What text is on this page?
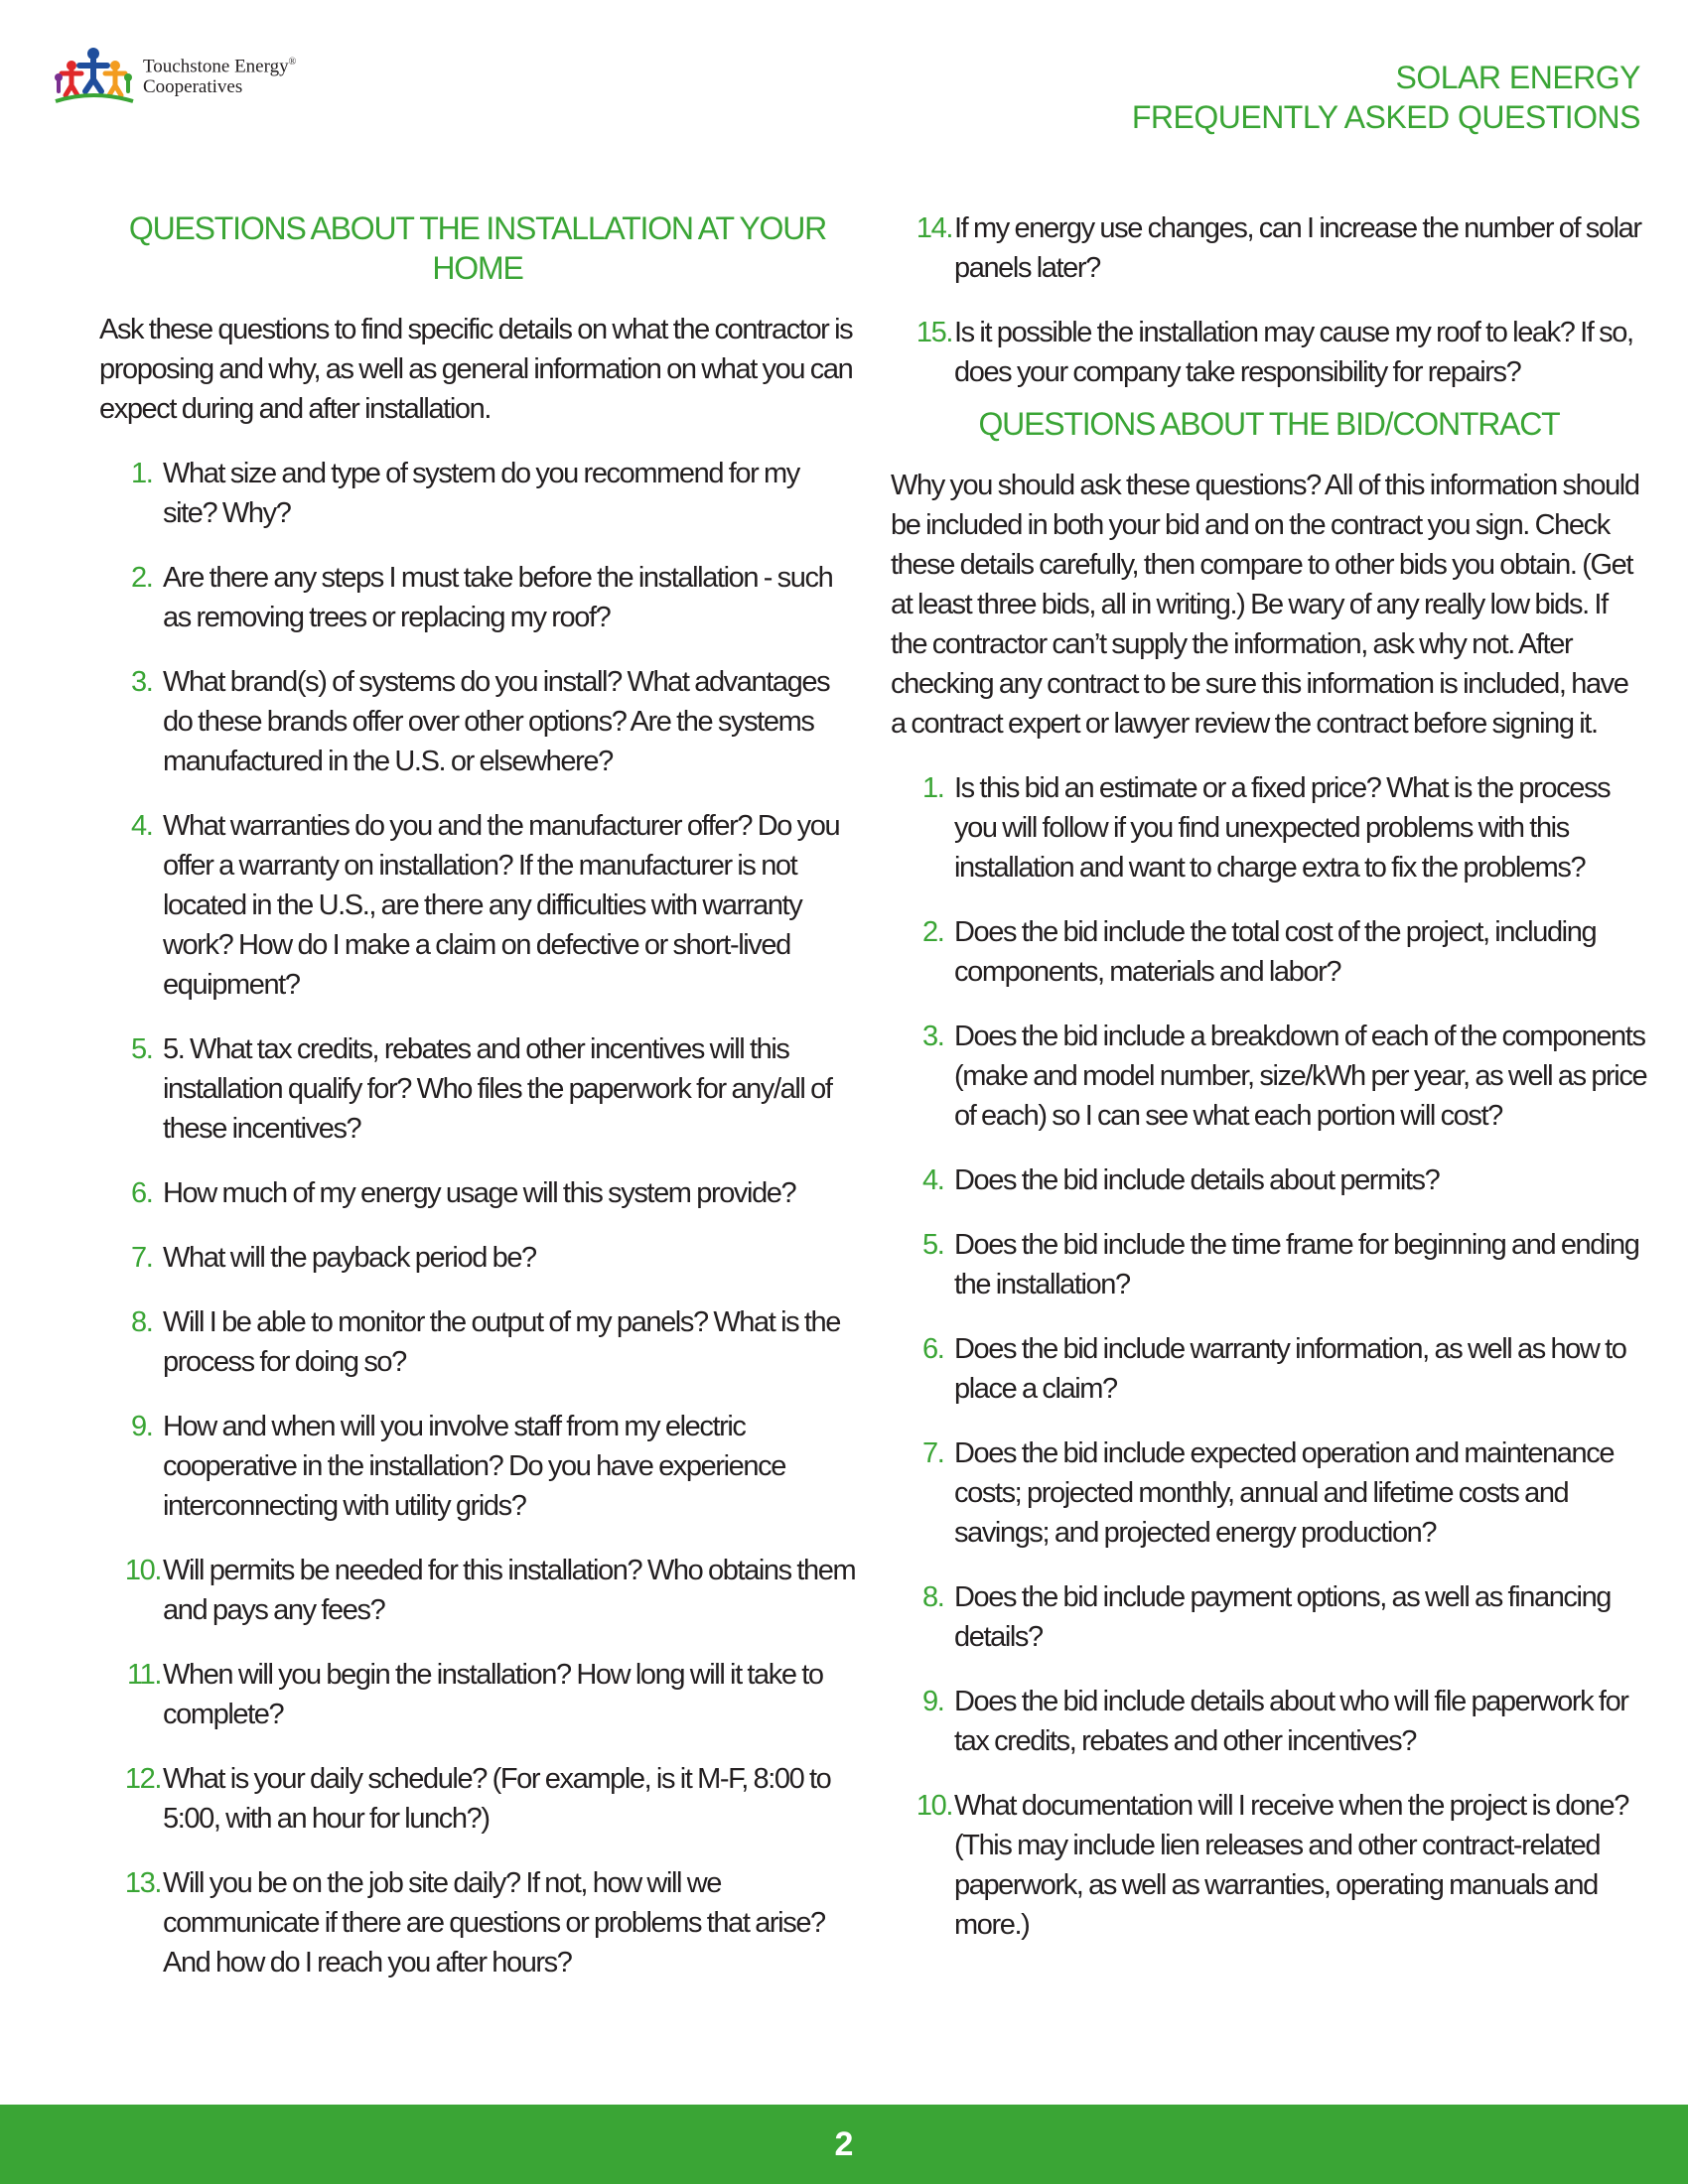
Touchstone Energy®
Cooperatives	SOLAR ENERGY
FREQUENTLY ASKED QUESTIONS
QUESTIONS ABOUT THE INSTALLATION AT YOUR HOME

Ask these questions to find specific details on what the contractor is proposing and why, as well as general information on what you can expect during and after installation.

1. What size and type of system do you recommend for my site? Why?
2. Are there any steps I must take before the installation - such as removing trees or replacing my roof?
3. What brand(s) of systems do you install? What advantages do these brands offer over other options? Are the systems manufactured in the U.S. or elsewhere?
4. What warranties do you and the manufacturer offer? Do you offer a warranty on installation? If the manufacturer is not located in the U.S., are there any difficulties with warranty work? How do I make a claim on defective or short-lived equipment?
5. 5. What tax credits, rebates and other incentives will this installation qualify for? Who files the paperwork for any/all of these incentives?
6. How much of my energy usage will this system provide?
7. What will the payback period be?
8. Will I be able to monitor the output of my panels? What is the process for doing so?
9. How and when will you involve staff from my electric cooperative in the installation? Do you have experience interconnecting with utility grids?
10. Will permits be needed for this installation? Who obtains them and pays any fees?
11. When will you begin the installation? How long will it take to complete?
12. What is your daily schedule? (For example, is it M-F, 8:00 to 5:00, with an hour for lunch?)
13. Will you be on the job site daily? If not, how will we communicate if there are questions or problems that arise? And how do I reach you after hours?
14. If my energy use changes, can I increase the number of solar panels later?
15. Is it possible the installation may cause my roof to leak? If so, does your company take responsibility for repairs?
QUESTIONS ABOUT THE BID/CONTRACT

Why you should ask these questions? All of this information should be included in both your bid and on the contract you sign. Check these details carefully, then compare to other bids you obtain. (Get at least three bids, all in writing.) Be wary of any really low bids. If the contractor can’t supply the information, ask why not. After checking any contract to be sure this information is included, have a contract expert or lawyer review the contract before signing it.

1. Is this bid an estimate or a fixed price? What is the process you will follow if you find unexpected problems with this installation and want to charge extra to fix the problems?
2. Does the bid include the total cost of the project, including components, materials and labor?
3. Does the bid include a breakdown of each of the components (make and model number, size/kWh per year, as well as price of each) so I can see what each portion will cost?
4. Does the bid include details about permits?
5. Does the bid include the time frame for beginning and ending the installation?
6. Does the bid include warranty information, as well as how to place a claim?
7. Does the bid include expected operation and maintenance costs; projected monthly, annual and lifetime costs and savings; and projected energy production?
8. Does the bid include payment options, as well as financing details?
9. Does the bid include details about who will file paperwork for tax credits, rebates and other incentives?
10. What documentation will I receive when the project is done? (This may include lien releases and other contract-related paperwork, as well as warranties, operating manuals and more.)
2
